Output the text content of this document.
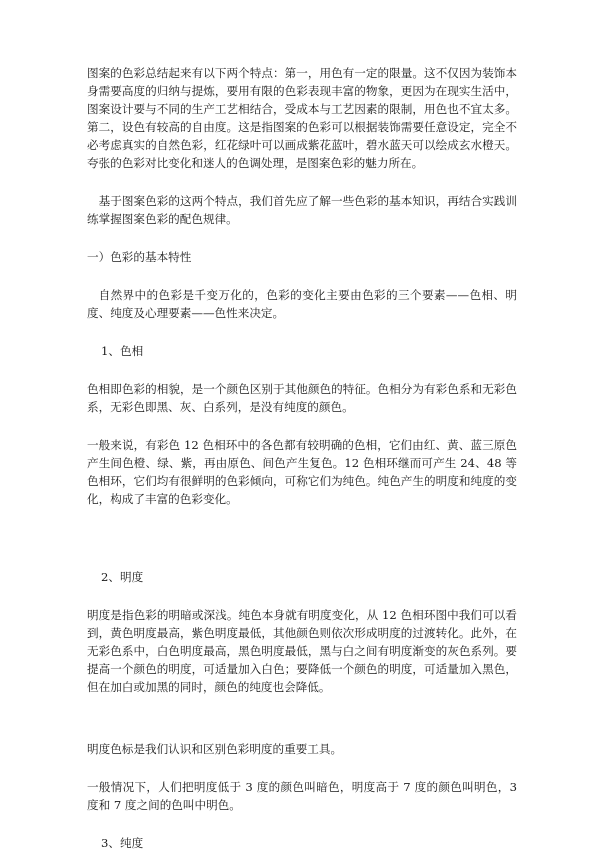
图案的色彩总结起来有以下两个特点：第一，用色有一定的限量。这不仅因为装饰本身需要高度的归纳与提炼，要用有限的色彩表现丰富的物象，更因为在现实生活中，图案设计要与不同的生产工艺相结合，受成本与工艺因素的限制，用色也不宜太多。第二，设色有较高的自由度。这是指图案的色彩可以根据装饰需要任意设定，完全不必考虑真实的自然色彩，红花绿叶可以画成紫花蓝叶，碧水蓝天可以绘成玄水橙天。夸张的色彩对比变化和迷人的色调处理，是图案色彩的魅力所在。

基于图案色彩的这两个特点，我们首先应了解一些色彩的基本知识，再结合实践训练掌握图案色彩的配色规律。

一）色彩的基本特性

自然界中的色彩是千变万化的，色彩的变化主要由色彩的三个要素——色相、明度、纯度及心理要素——色性来决定。

1、色相

色相即色彩的相貌，是一个颜色区别于其他颜色的特征。色相分为有彩色系和无彩色系，无彩色即黑、灰、白系列，是没有纯度的颜色。

一般来说，有彩色 12 色相环中的各色都有较明确的色相，它们由红、黄、蓝三原色产生间色橙、绿、紫，再由原色、间色产生复色。12 色相环继而可产生 24、48 等色相环，它们均有很鲜明的色彩倾向，可称它们为纯色。纯色产生的明度和纯度的变化，构成了丰富的色彩变化。

2、明度

明度是指色彩的明暗或深浅。纯色本身就有明度变化，从 12 色相环图中我们可以看到，黄色明度最高，紫色明度最低，其他颜色则依次形成明度的过渡转化。此外，在无彩色系中，白色明度最高，黑色明度最低，黑与白之间有明度渐变的灰色系列。要提高一个颜色的明度，可适量加入白色；要降低一个颜色的明度，可适量加入黑色，但在加白或加黑的同时，颜色的纯度也会降低。

明度色标是我们认识和区别色彩明度的重要工具。

一般情况下，人们把明度低于 3 度的颜色叫暗色，明度高于 7 度的颜色叫明色，3 度和 7 度之间的色叫中明色。

3、纯度
